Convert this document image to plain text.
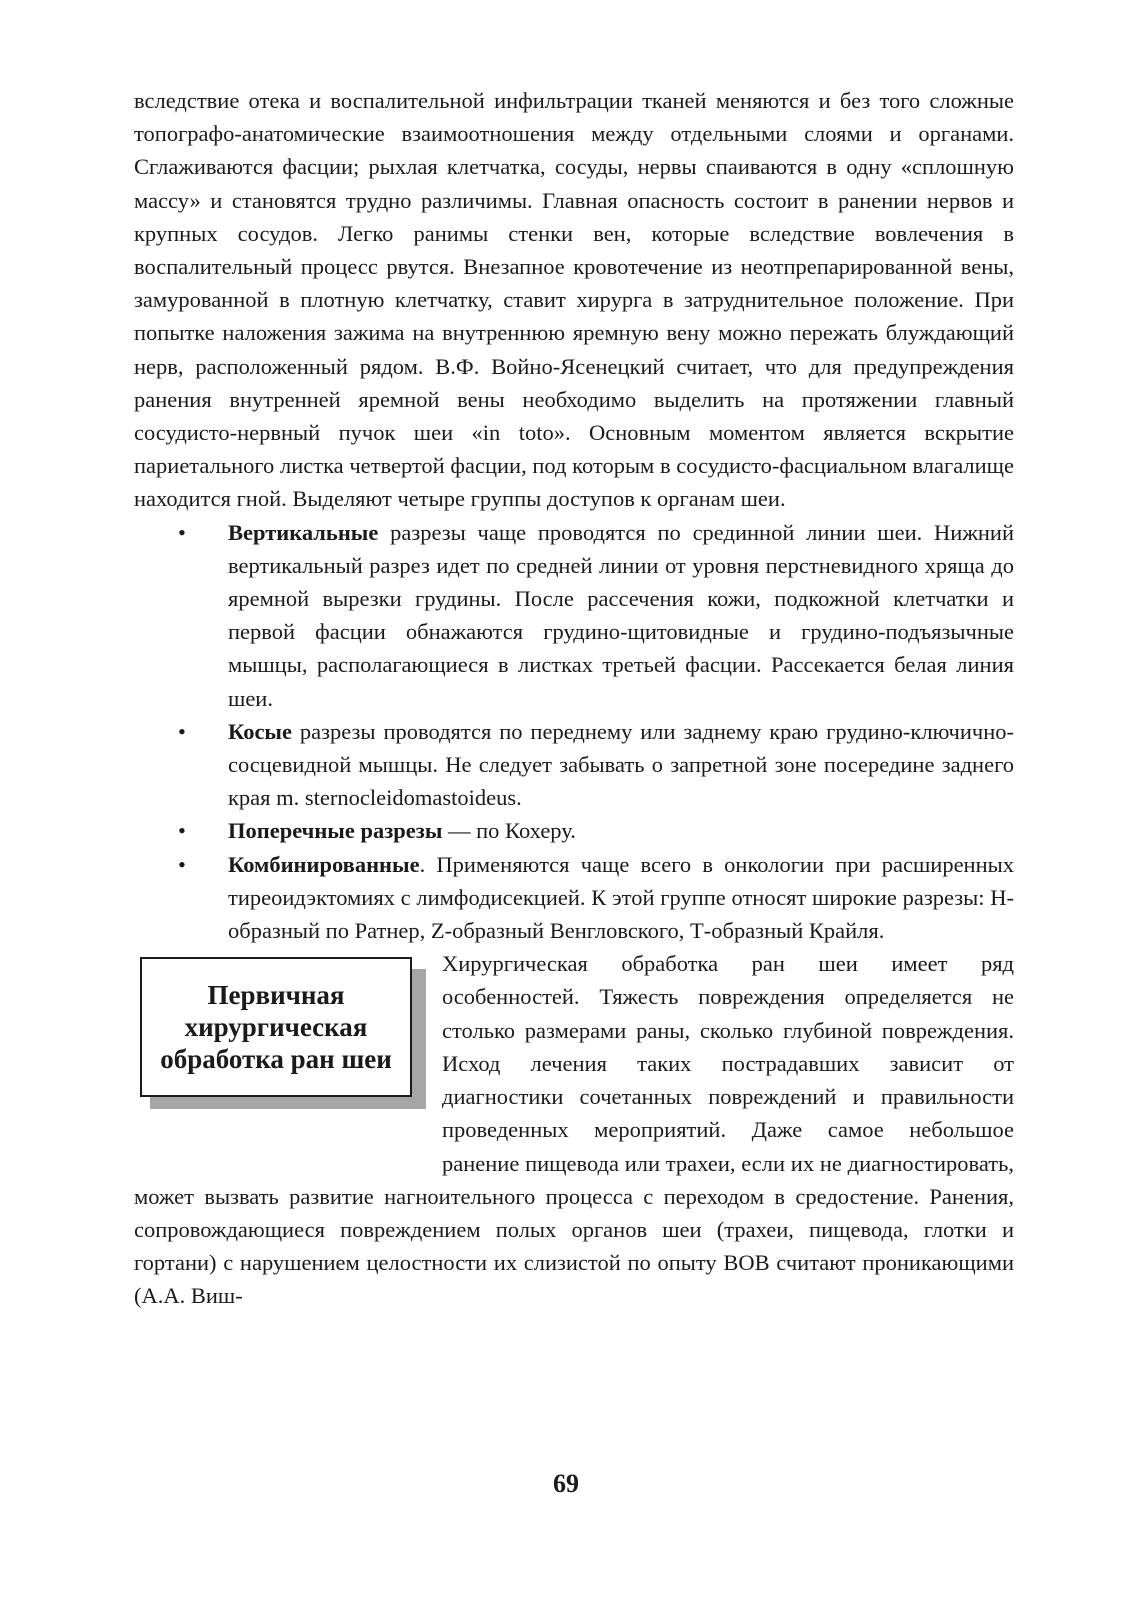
вследствие отека и воспалительной инфильтрации тканей меняются и без того сложные топографо-анатомические взаимоотношения между отдельными слоями и органами. Сглаживаются фасции; рыхлая клетчатка, сосуды, нервы спаиваются в одну «сплошную массу» и становятся трудно различимы. Главная опасность состоит в ранении нервов и крупных сосудов. Легко ранимы стенки вен, которые вследствие вовлечения в воспалительный процесс рвутся. Внезапное кровотечение из неотпрепарированной вены, замурованной в плотную клетчатку, ставит хирурга в затруднительное положение. При попытке наложения зажима на внутреннюю яремную вену можно пережать блуждающий нерв, расположенный рядом. В.Ф. Войно-Ясенецкий считает, что для предупреждения ранения внутренней яремной вены необходимо выделить на протяжении главный сосудисто-нервный пучок шеи «in toto». Основным моментом является вскрытие париетального листка четвертой фасции, под которым в сосудисто-фасциальном влагалище находится гной. Выделяют четыре группы доступов к органам шеи.

• Вертикальные разрезы чаще проводятся по срединной линии шеи. Нижний вертикальный разрез идет по средней линии от уровня перстневидного хряща до яремной вырезки грудины. После рассечения кожи, подкожной клетчатки и первой фасции обнажаются грудино-щитовидные и грудино-подъязычные мышцы, располагающиеся в листках третьей фасции. Рассекается белая линия шеи.
• Косые разрезы проводятся по переднему или заднему краю грудино-ключично-сосцевидной мышцы. Не следует забывать о запретной зоне посередине заднего края m. sternocleidomastoideus.
• Поперечные разрезы — по Кохеру.
• Комбинированные. Применяются чаще всего в онкологии при расширенных тиреоидэктомиях с лимфодисекцией. К этой группе относят широкие разрезы: Н-образный по Ратнер, Z-образный Венгловского, Т-образный Крайля.
Первичная хирургическая обработка ран шеи

Хирургическая обработка ран шеи имеет ряд особенностей. Тяжесть повреждения определяется не столько размерами раны, сколько глубиной повреждения. Исход лечения таких пострадавших зависит от диагностики сочетанных повреждений и правильности проведенных мероприятий. Даже самое небольшое ранение пищевода или трахеи, если их не диагностировать, может вызвать развитие нагноительного процесса с переходом в средостение. Ранения, сопровождающиеся повреждением полых органов шеи (трахеи, пищевода, глотки и гортани) с нарушением целостности их слизистой по опыту ВОВ считают проникающими (А.А. Виш-

69
